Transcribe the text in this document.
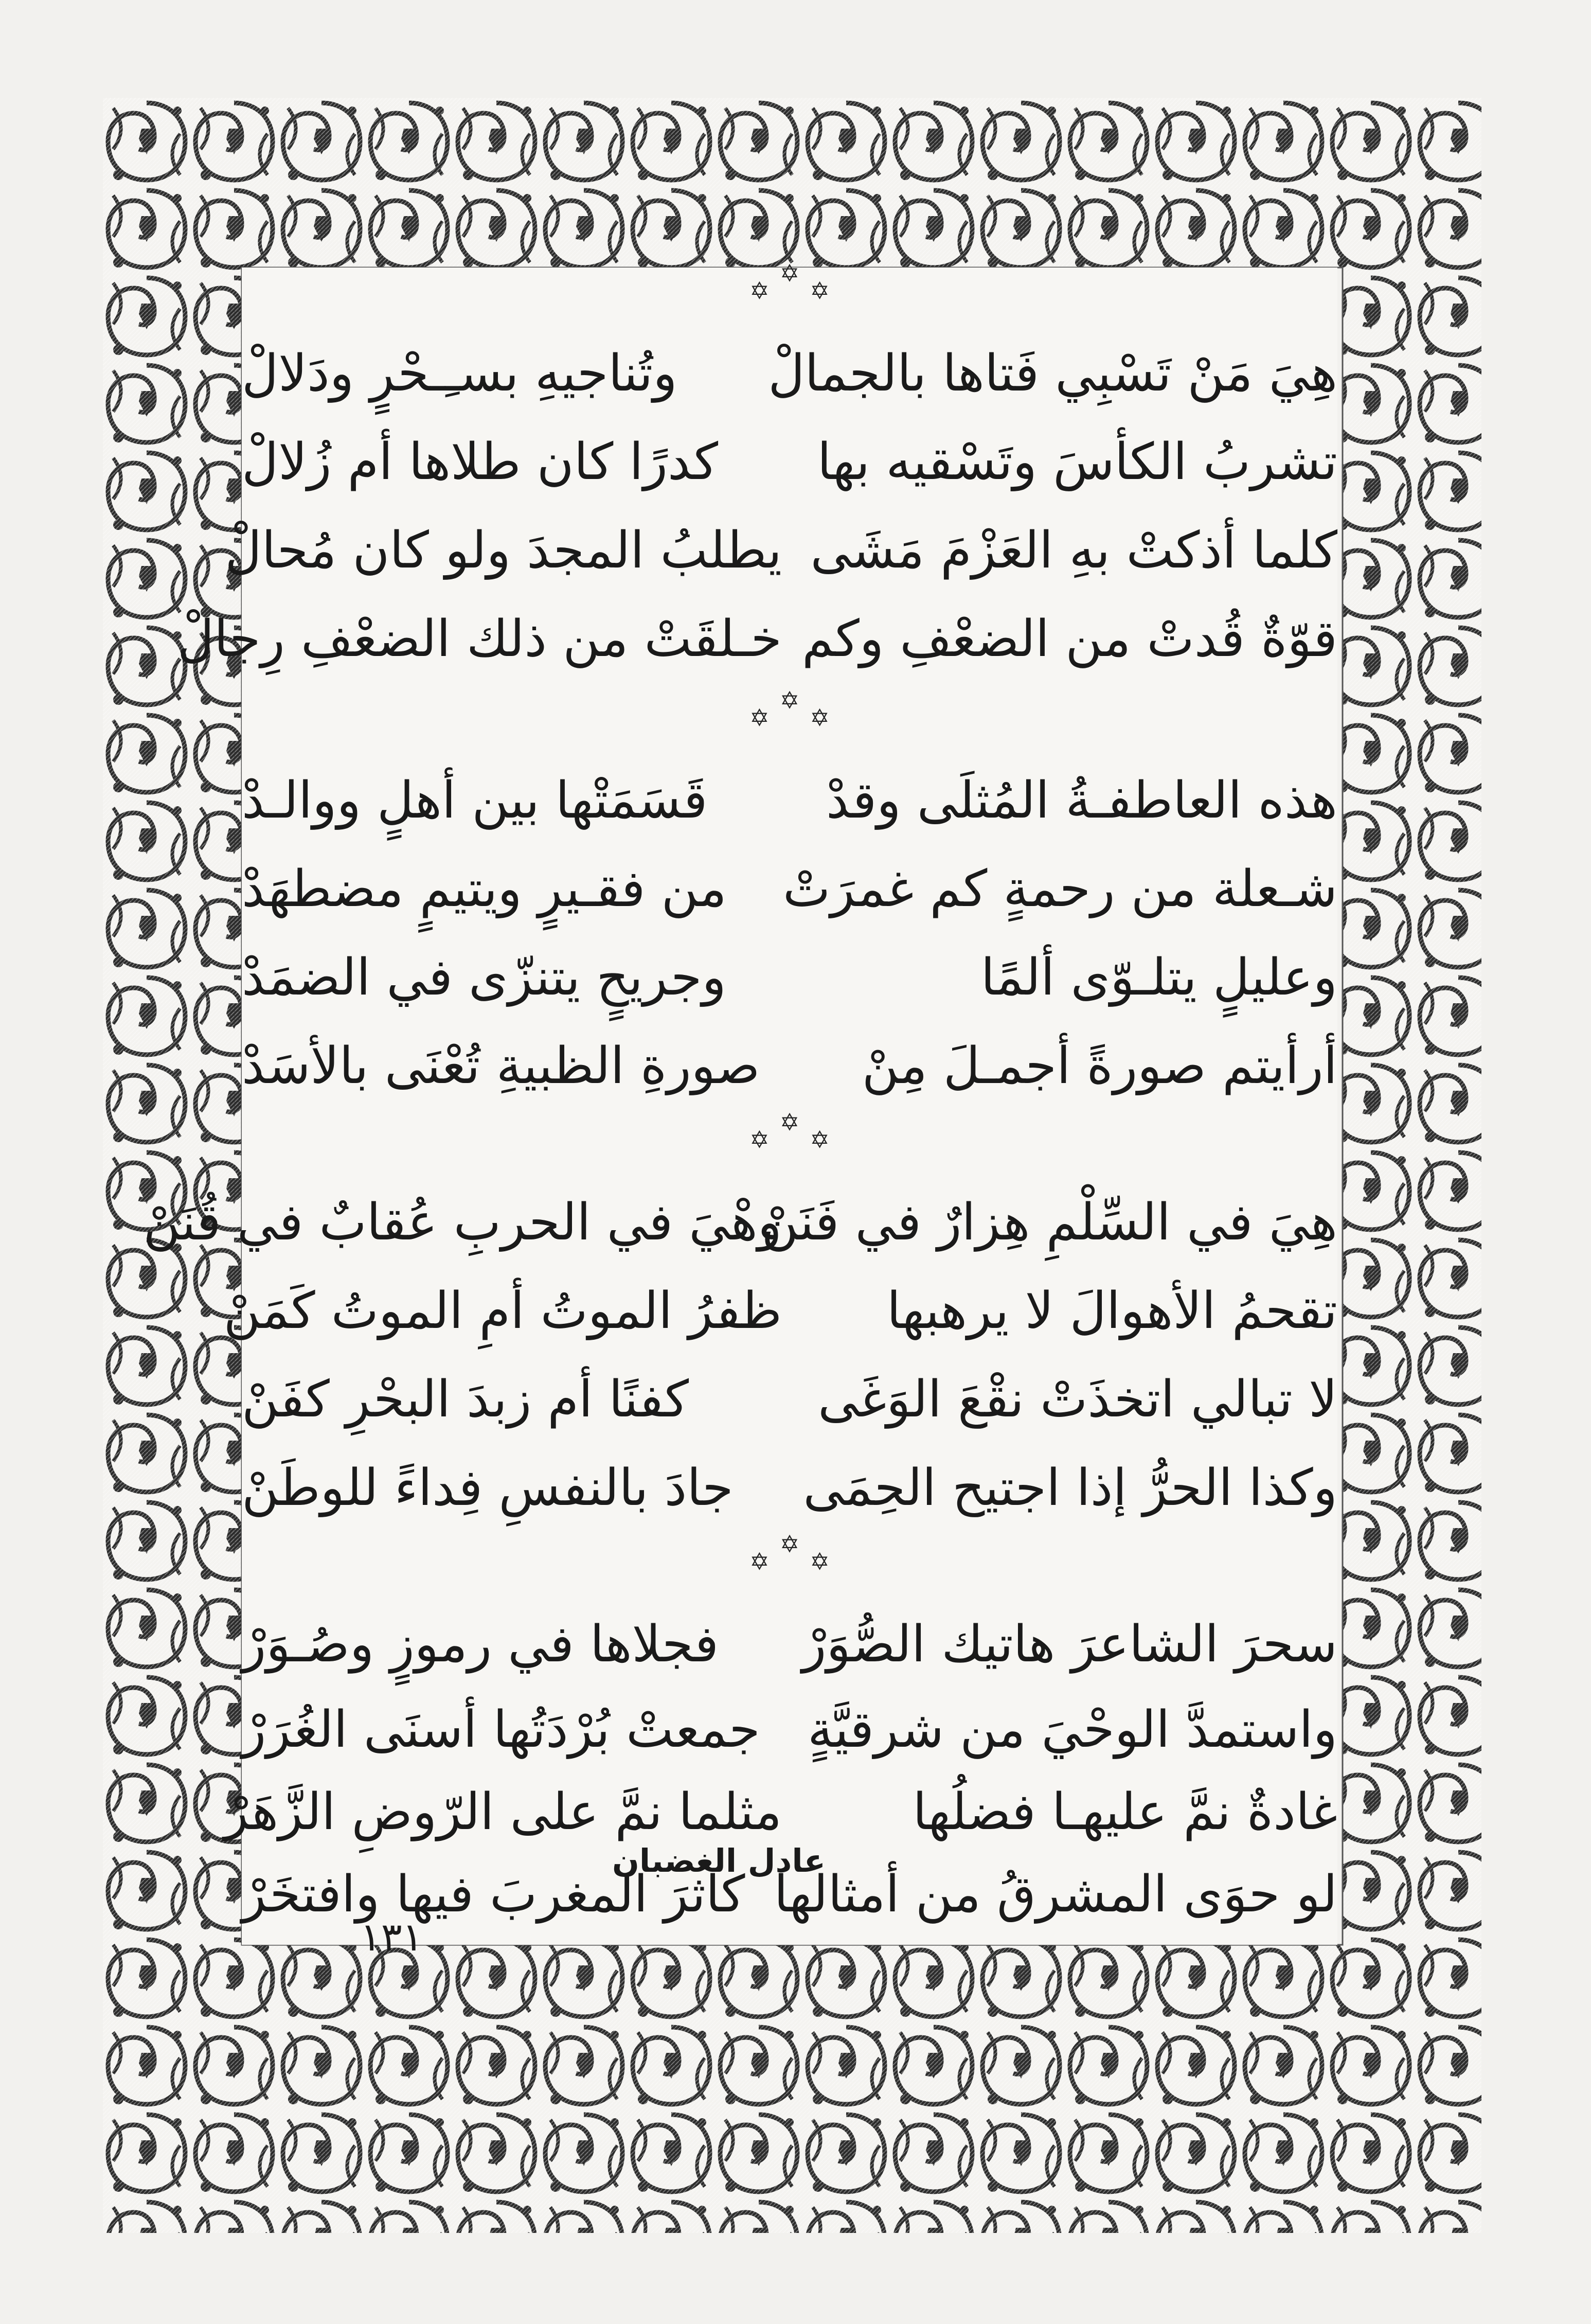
✡✡✡
هِيَ مَنْ تَسْبِي فَتاها بالجمالْ
وتُناجيهِ بسـِـحْرٍ ودَلالْ
تشربُ الكأسَ وتَسْقيه بها
كدرًا كان طلاها أم زُلالْ
كلما أذكتْ بهِ العَزْمَ مَشَى
يطلبُ المجدَ ولو كان مُحالْ
قوّةٌ قُدتْ من الضعْفِ وكم
خـلقَتْ من ذلك الضعْفِ رِجالْ
✡✡✡
هذه العاطفـةُ المُثلَى وقدْ
قَسَمَتْها بين أهلٍ ووالـدْ
شـعلة من رحمةٍ كم غمرَتْ
من فقـيرٍ ويتيمٍ مضطهَدْ
وعليلٍ يتلـوّى ألمًا
وجريحٍ يتنزّى في الضمَدْ
أرأيتم صورةً أجمـلَ مِنْ
صورةِ الظبيةِ تُعْنَى بالأسَدْ
✡✡✡
هِيَ في السِّلْمِ هِزارٌ في فَنَنْ
وهْيَ في الحربِ عُقابٌ في قُنَنْ
تقحمُ الأهوالَ لا يرهبها
ظفرُ الموتُ أمِ الموتُ كَمَنْ
لا تبالي اتخذَتْ نقْعَ الوَغَى
كفنًا أم زبدَ البحْرِ كفَنْ
وكذا الحرُّ إذا اجتيح الحِمَى
جادَ بالنفسِ فِداءً للوطَنْ
✡✡✡
سحرَ الشاعرَ هاتيك الصُّوَرْ
فجلاها في رموزٍ وصُـوَرْ
واستمدَّ الوحْيَ من شرقيَّةٍ
جمعتْ بُرْدَتُها أسنَى الغُرَرْ
غادةٌ نمَّ عليهـا فضلُها
مثلما نمَّ على الرّوضِ الزَّهَرْ
لو حوَى المشرقُ من أمثالها
كاثرَ المغربَ فيها وافتخَرْ
عادل الغضبان
١٣١
